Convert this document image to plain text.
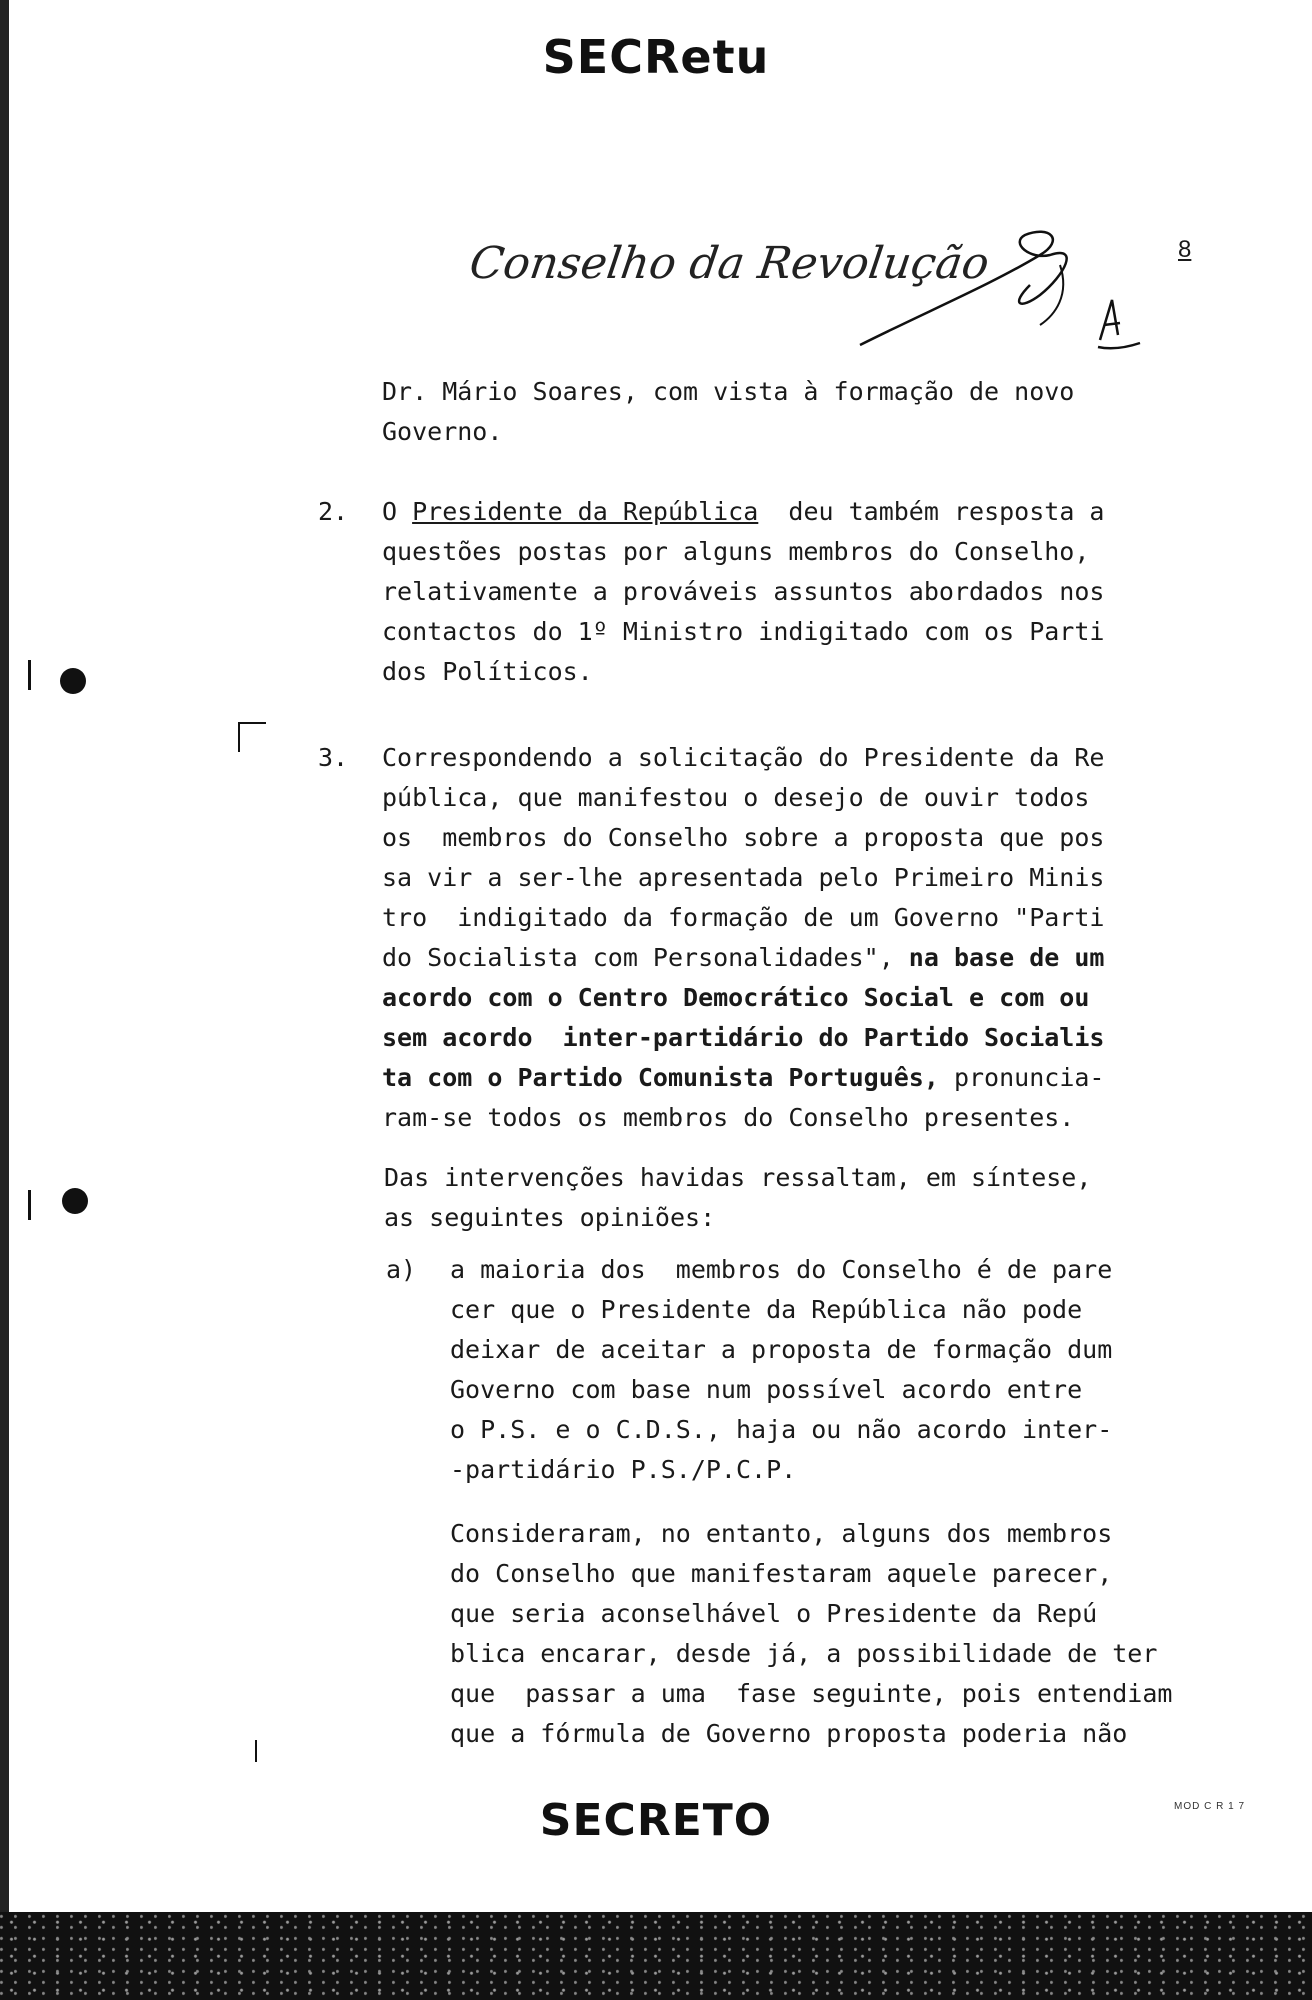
SECRetu
Conselho da Revolução	8
Dr. Mário Soares, com vista à formação de novo
Governo.
2. O Presidente da República  deu também resposta a
questões postas por alguns membros do Conselho,
relativamente a prováveis assuntos abordados nos
contactos do 1º Ministro indigitado com os Parti
dos Políticos.
3. Correspondendo a solicitação do Presidente da Re
pública, que manifestou o desejo de ouvir todos
os  membros do Conselho sobre a proposta que pos
sa vir a ser-lhe apresentada pelo Primeiro Minis
tro  indigitado da formação de um Governo "Parti
do Socialista com Personalidades", na base de um
acordo com o Centro Democrático Social e com ou
sem acordo  inter-partidário do Partido Socialis
ta com o Partido Comunista Português, pronuncia-
ram-se todos os membros do Conselho presentes.
Das intervenções havidas ressaltam, em síntese,
as seguintes opiniões:
a) a maioria dos  membros do Conselho é de pare
cer que o Presidente da República não pode
deixar de aceitar a proposta de formação dum
Governo com base num possível acordo entre
o P.S. e o C.D.S., haja ou não acordo inter-
-partidário P.S./P.C.P.
Consideraram, no entanto, alguns dos membros
do Conselho que manifestaram aquele parecer,
que seria aconselhável o Presidente da Repú
blica encarar, desde já, a possibilidade de ter
que  passar a uma  fase seguinte, pois entendiam
que a fórmula de Governo proposta poderia não
SECRETO	MOD C R 1 7
